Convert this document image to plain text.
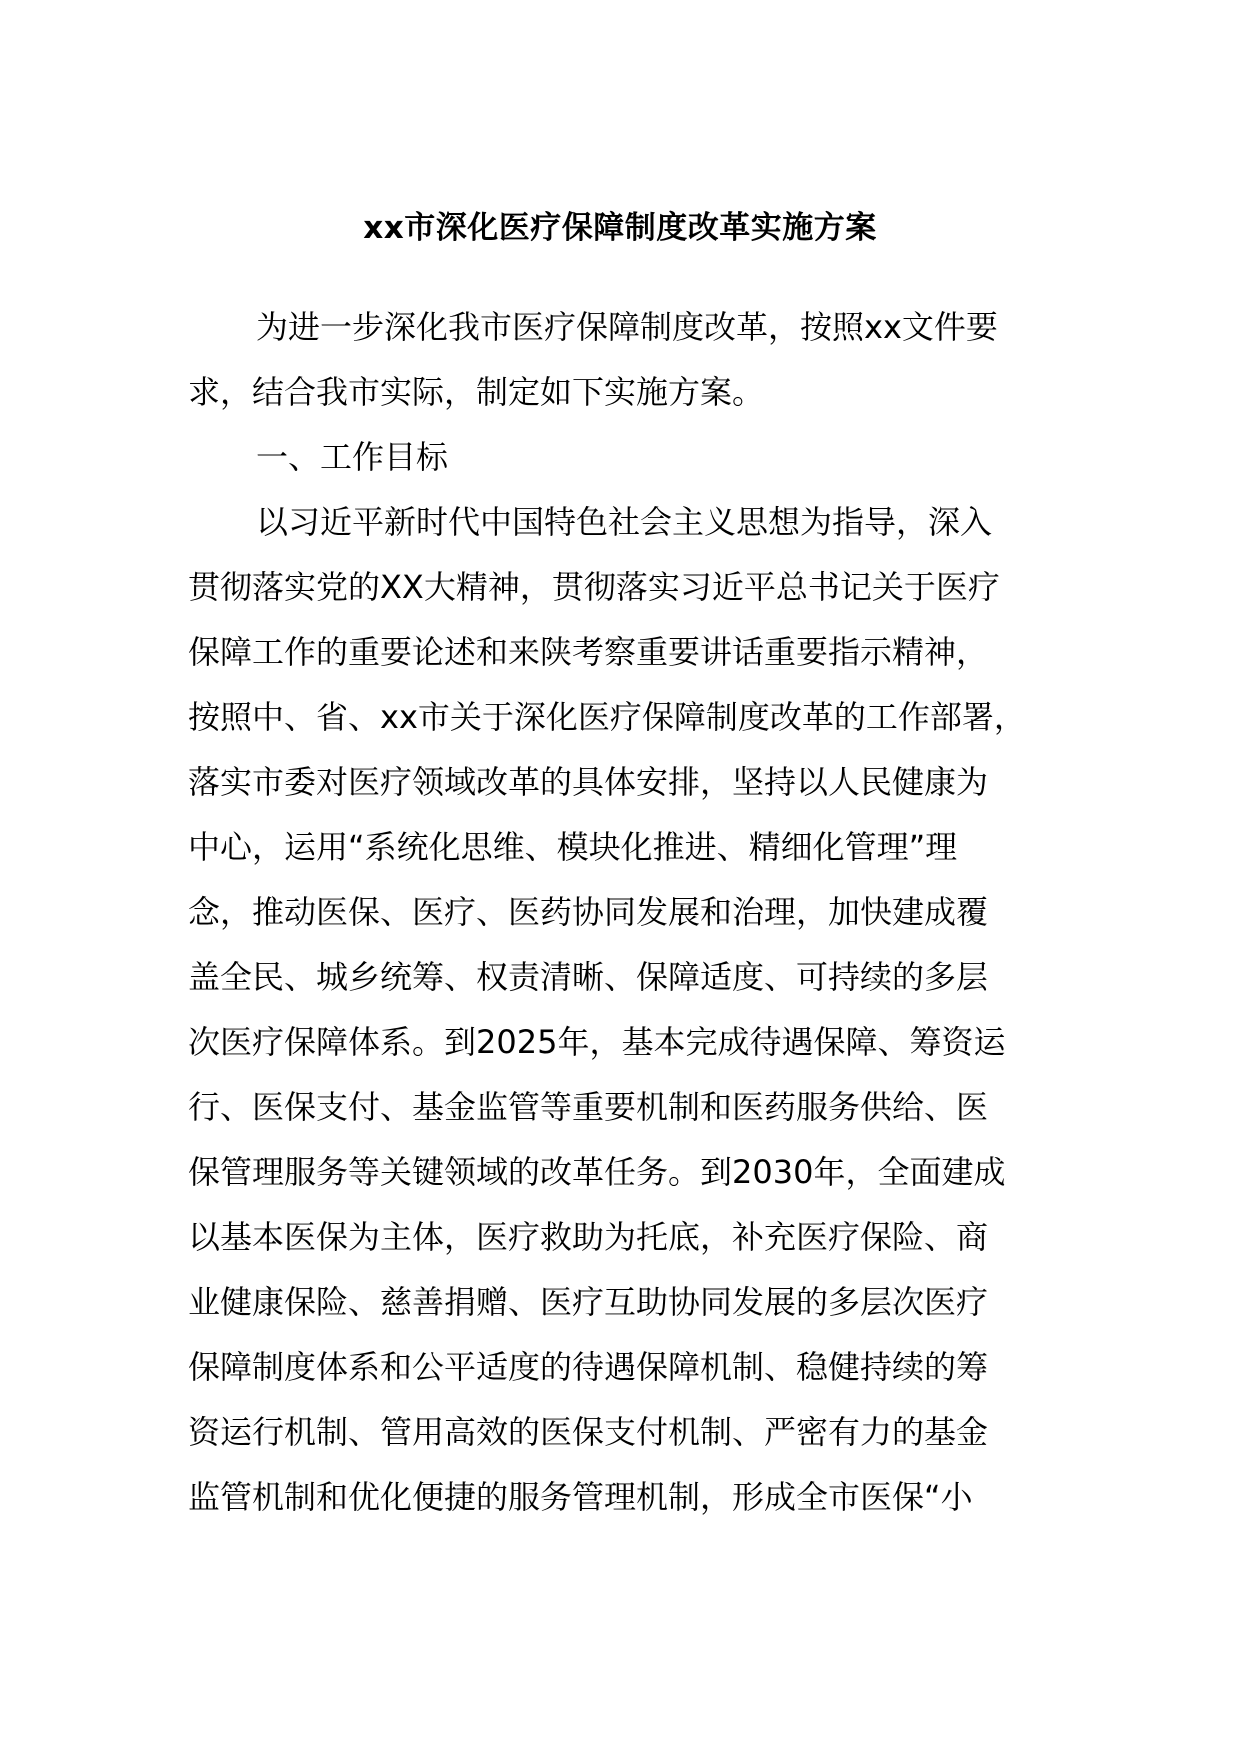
xx市深化医疗保障制度改革实施方案
为进一步深化我市医疗保障制度改革，按照xx文件要
求，结合我市实际，制定如下实施方案。
一、工作目标
以习近平新时代中国特色社会主义思想为指导，深入
贯彻落实党的XX大精神，贯彻落实习近平总书记关于医疗
保障工作的重要论述和来陕考察重要讲话重要指示精神，
按照中、省、xx市关于深化医疗保障制度改革的工作部署，
落实市委对医疗领域改革的具体安排，坚持以人民健康为
中心，运用“系统化思维、模块化推进、精细化管理”理
念，推动医保、医疗、医药协同发展和治理，加快建成覆
盖全民、城乡统筹、权责清晰、保障适度、可持续的多层
次医疗保障体系。到2025年，基本完成待遇保障、筹资运
行、医保支付、基金监管等重要机制和医药服务供给、医
保管理服务等关键领域的改革任务。到2030年，全面建成
以基本医保为主体，医疗救助为托底，补充医疗保险、商
业健康保险、慈善捐赠、医疗互助协同发展的多层次医疗
保障制度体系和公平适度的待遇保障机制、稳健持续的筹
资运行机制、管用高效的医保支付机制、严密有力的基金
监管机制和优化便捷的服务管理机制，形成全市医保“小
